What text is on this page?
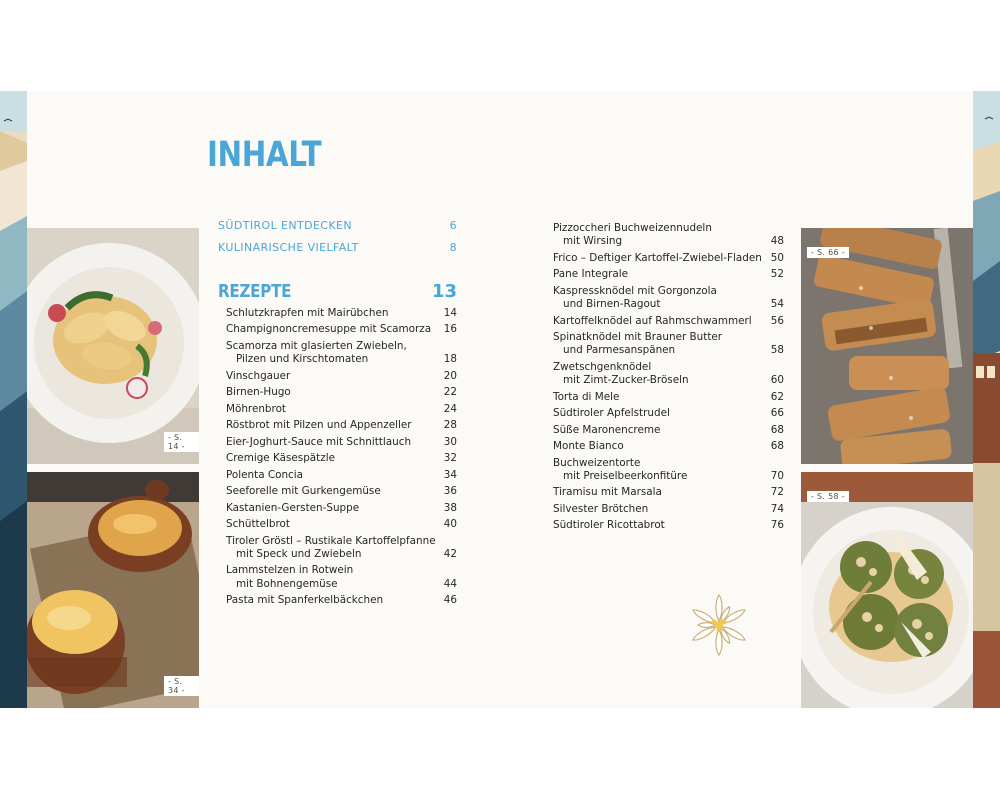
- S. 14 -
- S. 34 -
- S. 66 -
- S. 58 -
INHALT
SÜDTIROL ENTDECKEN	6
KULINARISCHE VIELFALT	8
REZEPTE	13
Schlutzkrapfen mit Mairübchen	14
Champignoncremesuppe mit Scamorza	16
Scamorza mit glasierten Zwiebeln,
Pilzen und Kirschtomaten	18
Vinschgauer	20
Birnen-Hugo	22
Möhrenbrot	24
Röstbrot mit Pilzen und Appenzeller	28
Eier-Joghurt-Sauce mit Schnittlauch	30
Cremige Käsespätzle	32
Polenta Concia	34
Seeforelle mit Gurkengemüse	36
Kastanien-Gersten-Suppe	38
Schüttelbrot	40
Tiroler Gröstl – Rustikale Kartoffelpfanne
mit Speck und Zwiebeln	42
Lammstelzen in Rotwein
mit Bohnengemüse	44
Pasta mit Spanferkelbäckchen	46
Pizzoccheri Buchweizennudeln
mit Wirsing	48
Frico – Deftiger Kartoffel-Zwiebel-Fladen 50
Pane Integrale	52
Kaspressknödel mit Gorgonzola
und Birnen-Ragout	54
Kartoffelknödel auf Rahmschwammerl	56
Spinatknödel mit Brauner Butter
und Parmesanspänen	58
Zwetschgenknödel
mit Zimt-Zucker-Bröseln	60
Torta di Mele	62
Südtiroler Apfelstrudel	66
Süße Maronencreme	68
Monte Bianco	68
Buchweizentorte
mit Preiselbeerkonfitüre	70
Tiramisu mit Marsala	72
Silvester Brötchen	74
Südtiroler Ricottabrot	76
